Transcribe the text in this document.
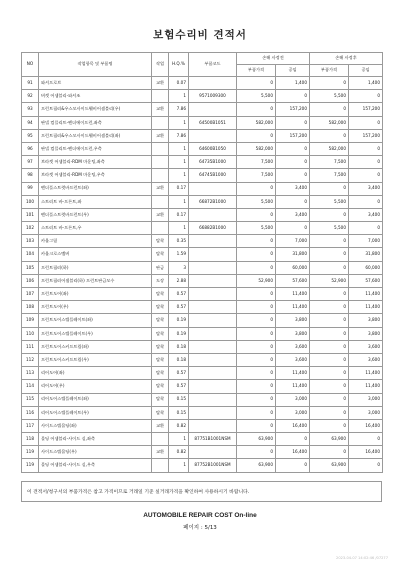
보험수리비 견적서
NO	작업항목 및 부품명	작업	H.Q.%	부품코드	손해 사정전		손해 사정후	
					부품가격	공임	부품가격	공임
91	와셔프로브	교환	0.07		0	1,400	0	1,400
92	버켓 어셈블리-와셔조		1	9571009300	5,500	0	5,500	0
93	프런트필러&우스모사이드웰비어셈블리(우)	교환	7.86		0	157,200	0	157,200
94	판넬 컴플리트-펜더에이프런,좌측		1	64500B1051	582,000	0	582,000	0
95	프런트필러&우스모사이드웰비어셈블리(좌)	교환	7.86		0	157,200	0	157,200
96	판넬 컴플리트-펜더에이프런,우측		1	64600B1050	582,000	0	582,000	0
97	브라켓 어셈블리-RDM 마운팅,좌측		1	64735B1000	7,500	0	7,500	0
98	브라켓 어셈블리-RDM 마운팅,우측		1	64745B1000	7,500	0	7,500	0
99	펜더플스트럿바프런트(좌)	교환	0.17		0	3,400	0	3,400
100	스트러트 바-프론트,좌		1	66872B1000	5,500	0	5,500	0
101	펜더플스트럿바프런트(우)	교환	0.17		0	3,400	0	3,400
102	스트러트 바-프론트,우		1	66882B1000	5,500	0	5,500	0
103	카울그릴	탈착	0.35		0	7,000	0	7,000
104	카울크로스멤버	탈착	1.59		0	31,800	0	31,800
105	프런트필러(하)	판금	3		0	60,000	0	60,000
106	프런트필러어셈블리(하) 프런트판금모수	도장	2.88		52,900	57,600	52,900	57,600
107	프런트도어(좌)	탈착	0.57		0	11,400	0	11,400
108	프런트도어(우)	탈착	0.57		0	11,400	0	11,400
109	프런트도어스텝플레이트(좌)	탈착	0.19		0	3,800	0	3,800
110	프런트도어스텝플레이트(우)	탈착	0.19		0	3,800	0	3,800
111	프런트도어스커프트림(좌)	탈착	0.18		0	3,600	0	3,600
112	프런트도어스커프트림(우)	탈착	0.18		0	3,600	0	3,600
113	리어도어(좌)	탈착	0.57		0	11,400	0	11,400
114	리어도어(우)	탈착	0.57		0	11,400	0	11,400
115	리어도어스텝플레이트(좌)	탈착	0.15		0	3,000	0	3,000
116	리어도어스텝플레이트(우)	탈착	0.15		0	3,000	0	3,000
117	사이드스텝몰딩(좌)	교환	0.82		0	16,400	0	16,400
118	몰딩 어셈블리-사이드 실,좌측		1	87751B1001NSM	63,900	0	63,900	0
119	사이드스텝몰딩(우)	교환	0.82		0	16,400	0	16,400
119	몰딩 어셈블리-사이드 실,우측		1	87752B1001NSM	63,900	0	63,900	0
이 견적서/청구서의 부품가격은 참고 가격이므로 거래일 기준 실거래가격을 확인하여 사용하시기 바랍니다.
AUTOMOBILE REPAIR COST On-line
페이지 : 5/13
2023-04-07 14:02:46 /07277
